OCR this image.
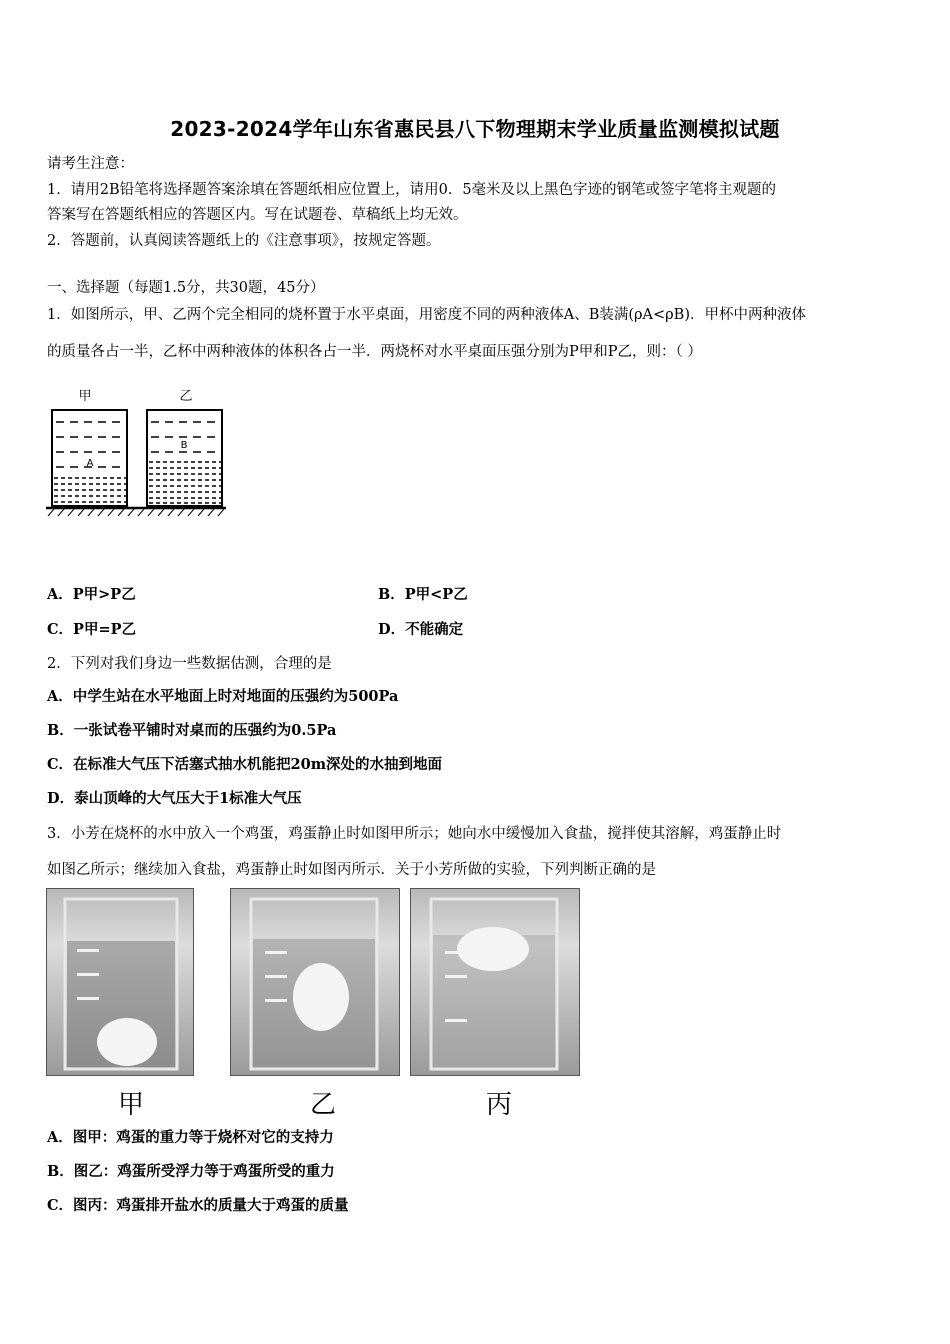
2023-2024学年山东省惠民县八下物理期末学业质量监测模拟试题
请考生注意：
1．请用2B铅笔将选择题答案涂填在答题纸相应位置上，请用0．5毫米及以上黑色字迹的钢笔或签字笔将主观题的
答案写在答题纸相应的答题区内。写在试题卷、草稿纸上均无效。
2．答题前，认真阅读答题纸上的《注意事项》，按规定答题。
一、选择题（每题1.5分，共30题，45分）
1．如图所示，甲、乙两个完全相同的烧杯置于水平桌面，用密度不同的两种液体A、B装满(ρA<ρB)．甲杯中两种液体
的质量各占一半，乙杯中两种液体的体积各占一半．两烧杯对水平桌面压强分别为P甲和P乙，则：（ ）
甲	乙
A
B
A．P甲>P乙	B．P甲<P乙
C．P甲=P乙	D．不能确定
2．下列对我们身边一些数据估测，合理的是
A．中学生站在水平地面上时对地面的压强约为500Pa
B．一张试卷平铺时对桌而的压强约为0.5Pa
C．在标准大气压下活塞式抽水机能把20m深处的水抽到地面
D．泰山顶峰的大气压大于1标准大气压
3．小芳在烧杯的水中放入一个鸡蛋，鸡蛋静止时如图甲所示；她向水中缓慢加入食盐，搅拌使其溶解，鸡蛋静止时
如图乙所示；继续加入食盐，鸡蛋静止时如图丙所示．关于小芳所做的实验，下列判断正确的是
甲	乙	丙
A．图甲：鸡蛋的重力等于烧杯对它的支持力
B．图乙：鸡蛋所受浮力等于鸡蛋所受的重力
C．图丙：鸡蛋排开盐水的质量大于鸡蛋的质量
